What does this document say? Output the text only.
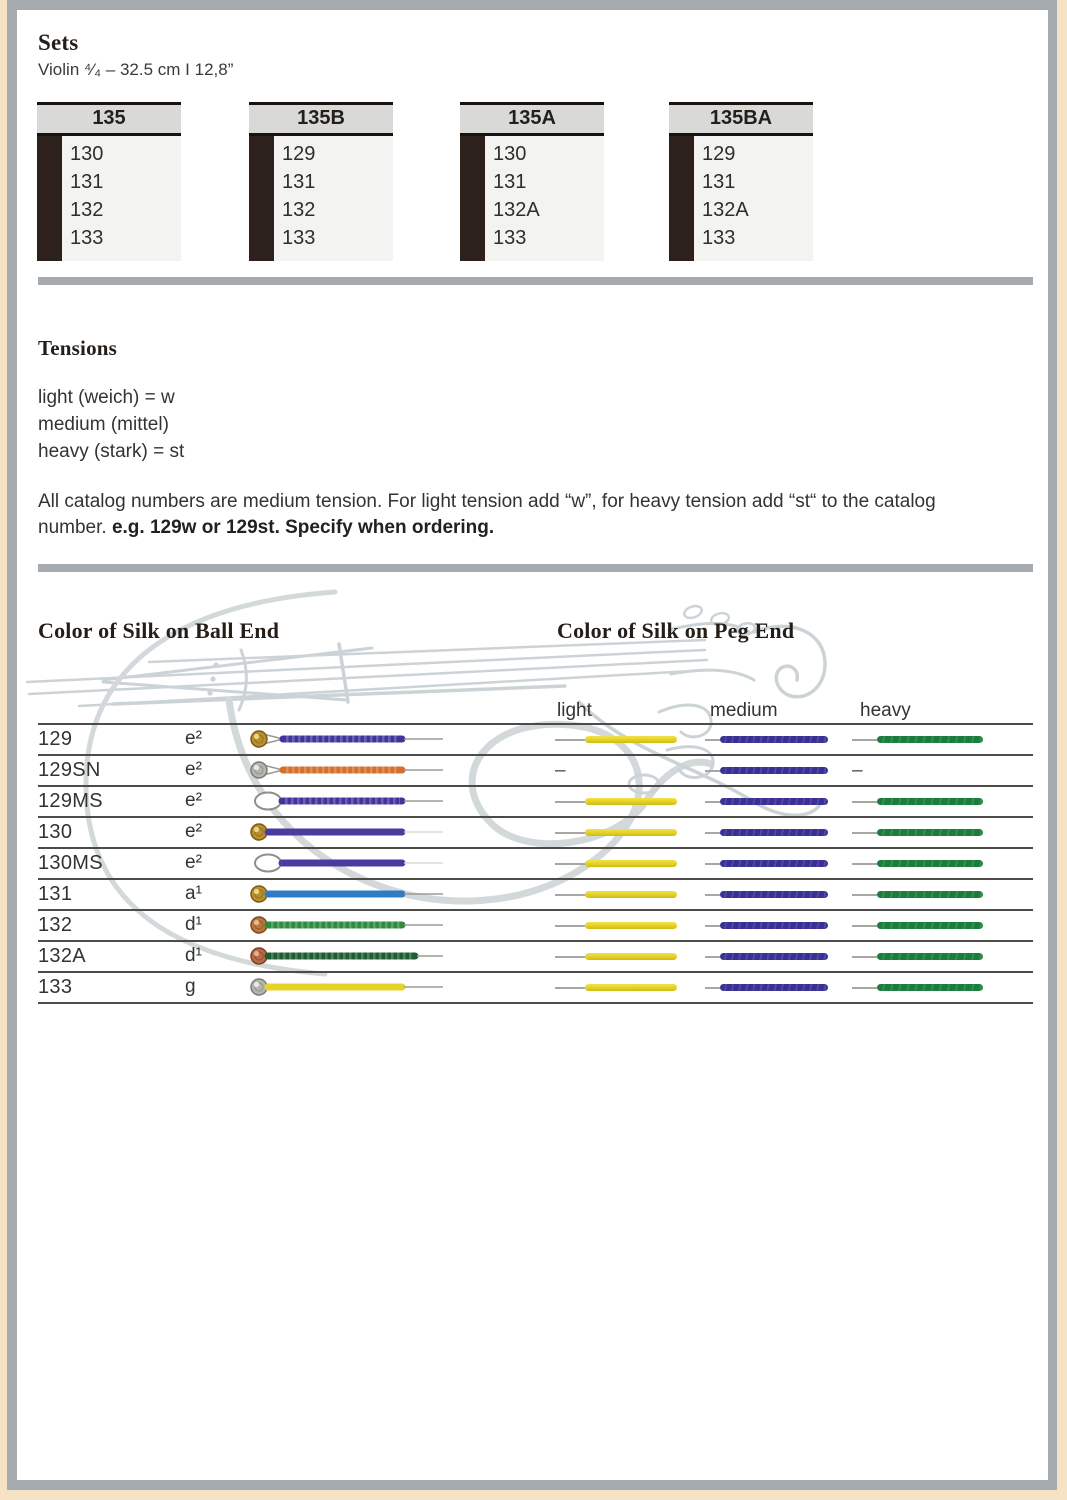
Sets
Violin ⁴⁄₄ – 32.5 cm I 12,8”
135
130
131
132
133
135B
129
131
132
133
135A
130
131
132A
133
135BA
129
131
132A
133
Tensions
light (weich) = w
medium (mittel)
heavy (stark) = st

All catalog numbers are medium tension. For light tension add “w”, for heavy tension add “st“ to the catalog number. e.g. 129w or 129st. Specify when ordering.

Color of Silk on Ball End	Color of Silk on Peg End
light	medium	heavy
129	e²
129SN	e²	–	–
129MS	e²
130	e²
130MS	e²
131	a¹
132	d¹
132A	d¹
133	g
